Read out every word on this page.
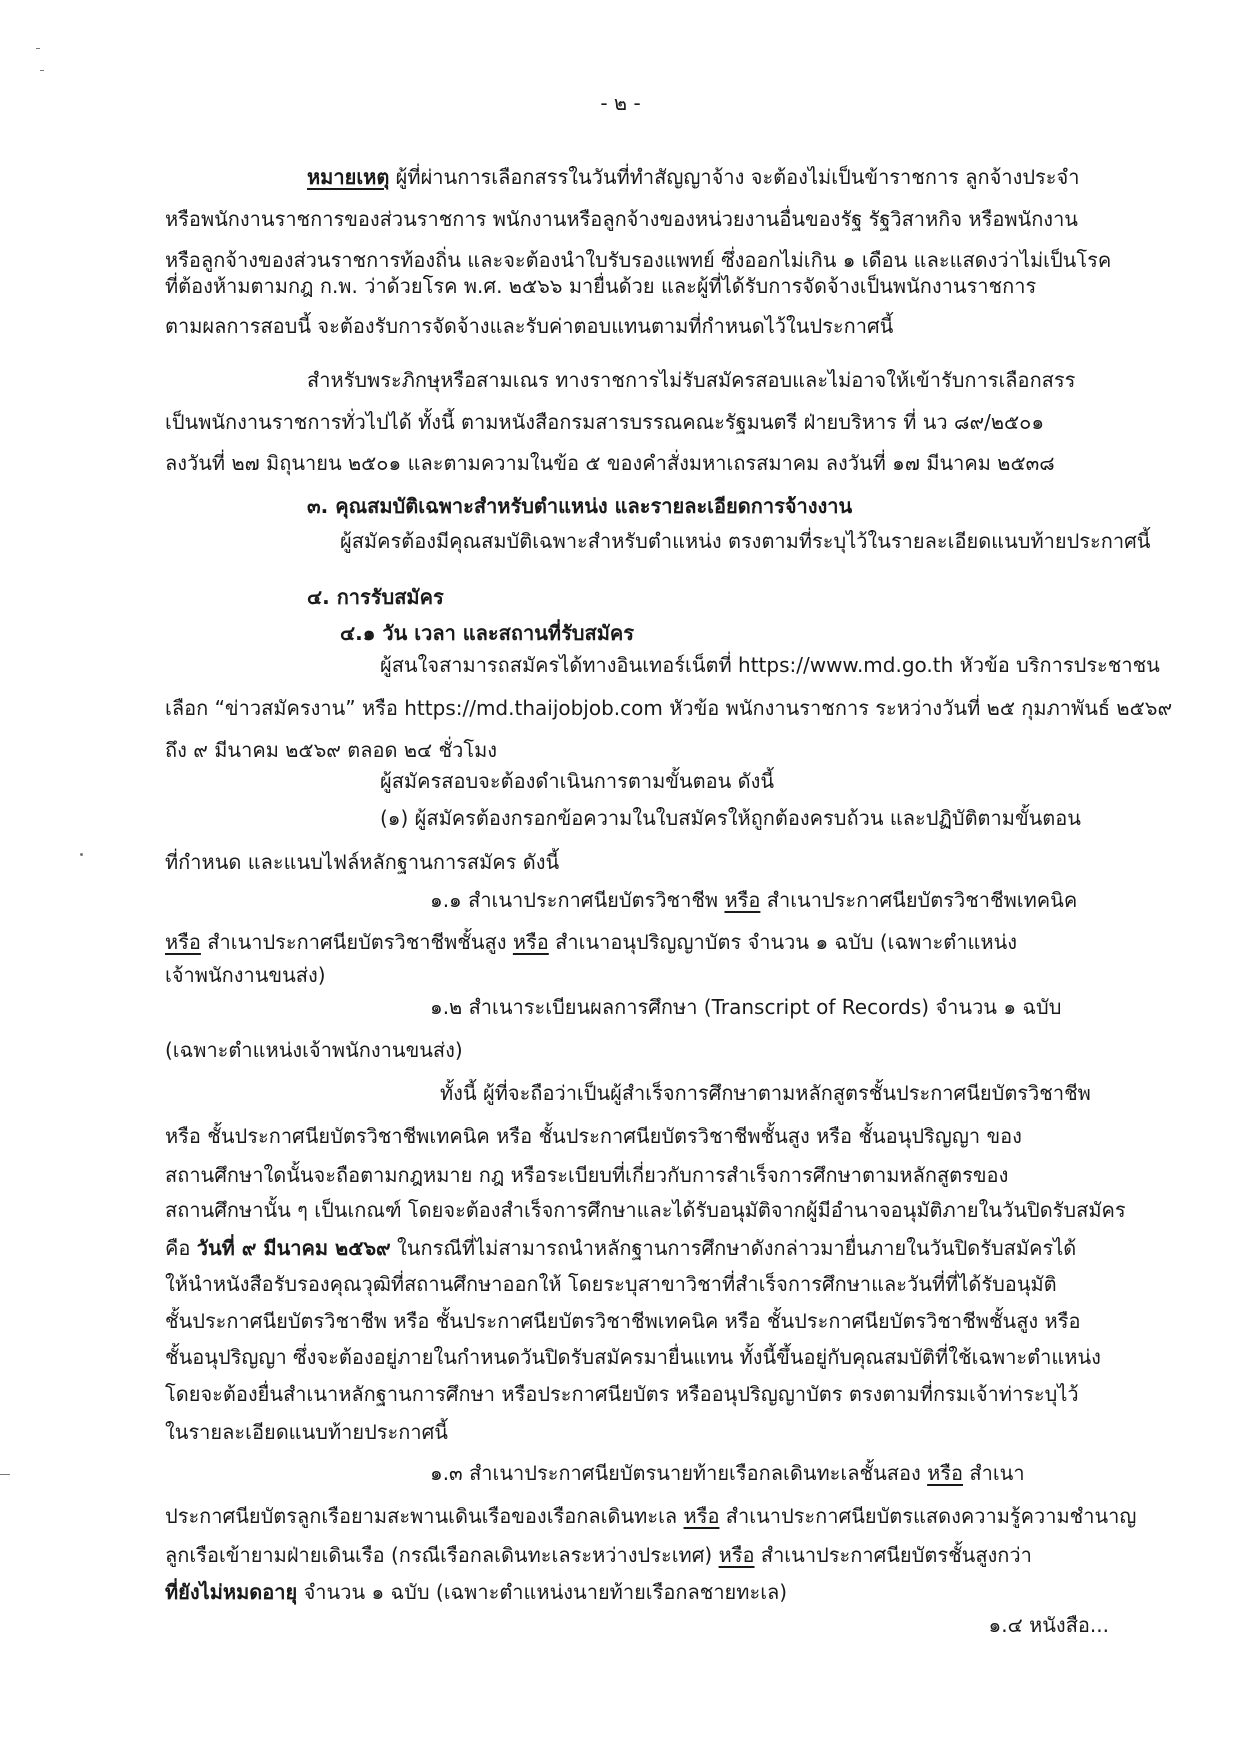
- ๒ -

หมายเหตุ ผู้ที่ผ่านการเลือกสรรในวันที่ทำสัญญาจ้าง จะต้องไม่เป็นข้าราชการ ลูกจ้างประจำ

หรือพนักงานราชการของส่วนราชการ พนักงานหรือลูกจ้างของหน่วยงานอื่นของรัฐ รัฐวิสาหกิจ หรือพนักงาน

หรือลูกจ้างของส่วนราชการท้องถิ่น และจะต้องนำใบรับรองแพทย์ ซึ่งออกไม่เกิน ๑ เดือน และแสดงว่าไม่เป็นโรค

ที่ต้องห้ามตามกฎ ก.พ. ว่าด้วยโรค พ.ศ. ๒๕๖๖ มายื่นด้วย และผู้ที่ได้รับการจัดจ้างเป็นพนักงานราชการ

ตามผลการสอบนี้ จะต้องรับการจัดจ้างและรับค่าตอบแทนตามที่กำหนดไว้ในประกาศนี้

สำหรับพระภิกษุหรือสามเณร ทางราชการไม่รับสมัครสอบและไม่อาจให้เข้ารับการเลือกสรร

เป็นพนักงานราชการทั่วไปได้ ทั้งนี้ ตามหนังสือกรมสารบรรณคณะรัฐมนตรี ฝ่ายบริหาร ที่ นว ๘๙/๒๕๐๑

ลงวันที่ ๒๗ มิถุนายน ๒๕๐๑ และตามความในข้อ ๕ ของคำสั่งมหาเถรสมาคม ลงวันที่ ๑๗ มีนาคม ๒๕๓๘

๓. คุณสมบัติเฉพาะสำหรับตำแหน่ง และรายละเอียดการจ้างงาน

ผู้สมัครต้องมีคุณสมบัติเฉพาะสำหรับตำแหน่ง ตรงตามที่ระบุไว้ในรายละเอียดแนบท้ายประกาศนี้

๔. การรับสมัคร

๔.๑ วัน เวลา และสถานที่รับสมัคร

ผู้สนใจสามารถสมัครได้ทางอินเทอร์เน็ตที่ https://www.md.go.th หัวข้อ บริการประชาชน

เลือก “ข่าวสมัครงาน” หรือ https://md.thaijobjob.com หัวข้อ พนักงานราชการ ระหว่างวันที่ ๒๕ กุมภาพันธ์ ๒๕๖๙

ถึง ๙ มีนาคม ๒๕๖๙ ตลอด ๒๔ ชั่วโมง

ผู้สมัครสอบจะต้องดำเนินการตามขั้นตอน ดังนี้

(๑) ผู้สมัครต้องกรอกข้อความในใบสมัครให้ถูกต้องครบถ้วน และปฏิบัติตามขั้นตอน

ที่กำหนด และแนบไฟล์หลักฐานการสมัคร ดังนี้

๑.๑ สำเนาประกาศนียบัตรวิชาชีพ หรือ สำเนาประกาศนียบัตรวิชาชีพเทคนิค

หรือ สำเนาประกาศนียบัตรวิชาชีพชั้นสูง หรือ สำเนาอนุปริญญาบัตร จำนวน ๑ ฉบับ (เฉพาะตำแหน่ง

เจ้าพนักงานขนส่ง)

๑.๒ สำเนาระเบียนผลการศึกษา (Transcript of Records) จำนวน ๑ ฉบับ

(เฉพาะตำแหน่งเจ้าพนักงานขนส่ง)

ทั้งนี้ ผู้ที่จะถือว่าเป็นผู้สำเร็จการศึกษาตามหลักสูตรชั้นประกาศนียบัตรวิชาชีพ

หรือ ชั้นประกาศนียบัตรวิชาชีพเทคนิค หรือ ชั้นประกาศนียบัตรวิชาชีพชั้นสูง หรือ ชั้นอนุปริญญา ของ

สถานศึกษาใดนั้นจะถือตามกฎหมาย กฎ หรือระเบียบที่เกี่ยวกับการสำเร็จการศึกษาตามหลักสูตรของ

สถานศึกษานั้น ๆ เป็นเกณฑ์ โดยจะต้องสำเร็จการศึกษาและได้รับอนุมัติจากผู้มีอำนาจอนุมัติภายในวันปิดรับสมัคร

คือ วันที่ ๙ มีนาคม ๒๕๖๙ ในกรณีที่ไม่สามารถนำหลักฐานการศึกษาดังกล่าวมายื่นภายในวันปิดรับสมัครได้

ให้นำหนังสือรับรองคุณวุฒิที่สถานศึกษาออกให้ โดยระบุสาขาวิชาที่สำเร็จการศึกษาและวันที่ที่ได้รับอนุมัติ

ชั้นประกาศนียบัตรวิชาชีพ หรือ ชั้นประกาศนียบัตรวิชาชีพเทคนิค หรือ ชั้นประกาศนียบัตรวิชาชีพชั้นสูง หรือ

ชั้นอนุปริญญา ซึ่งจะต้องอยู่ภายในกำหนดวันปิดรับสมัครมายื่นแทน ทั้งนี้ขึ้นอยู่กับคุณสมบัติที่ใช้เฉพาะตำแหน่ง

โดยจะต้องยื่นสำเนาหลักฐานการศึกษา หรือประกาศนียบัตร หรืออนุปริญญาบัตร ตรงตามที่กรมเจ้าท่าระบุไว้

ในรายละเอียดแนบท้ายประกาศนี้

๑.๓ สำเนาประกาศนียบัตรนายท้ายเรือกลเดินทะเลชั้นสอง หรือ สำเนา

ประกาศนียบัตรลูกเรือยามสะพานเดินเรือของเรือกลเดินทะเล หรือ สำเนาประกาศนียบัตรแสดงความรู้ความชำนาญ

ลูกเรือเข้ายามฝ่ายเดินเรือ (กรณีเรือกลเดินทะเลระหว่างประเทศ) หรือ สำเนาประกาศนียบัตรชั้นสูงกว่า

ที่ยังไม่หมดอายุ จำนวน ๑ ฉบับ (เฉพาะตำแหน่งนายท้ายเรือกลชายทะเล)

๑.๔ หนังสือ...
